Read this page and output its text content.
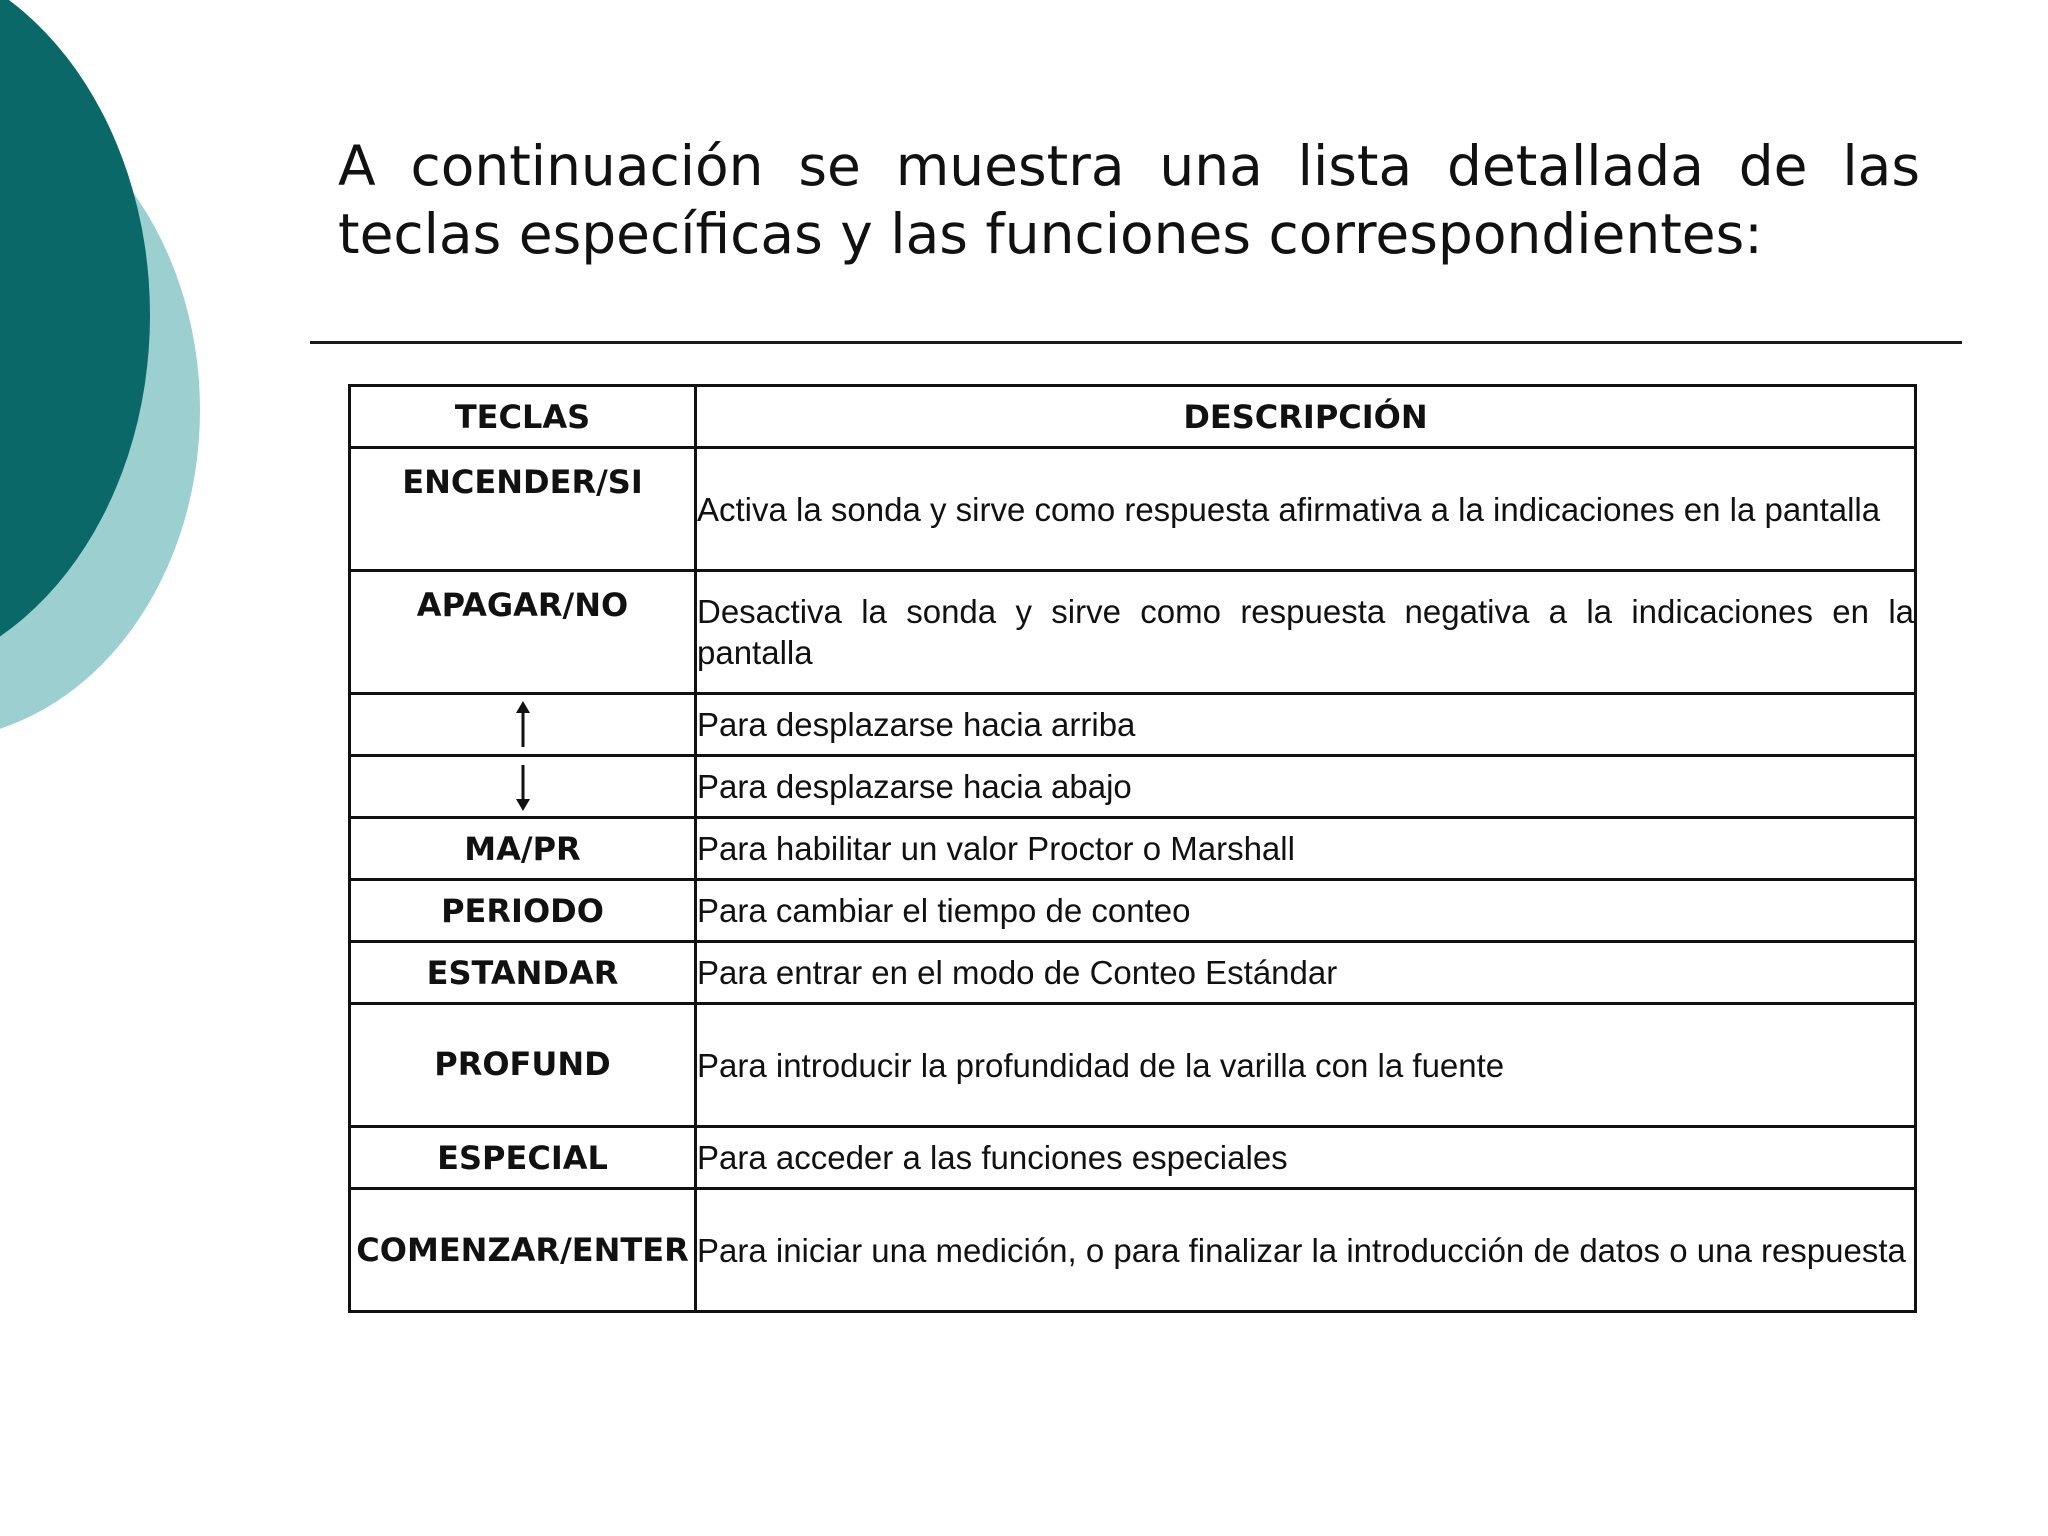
A continuación se muestra una lista detallada de las teclas específicas y las funciones correspondientes:
TECLAS	DESCRIPCIÓN
ENCENDER/SI	Activa la sonda y sirve como respuesta afirmativa a la indicaciones en la pantalla
APAGAR/NO	Desactiva la sonda y sirve como respuesta negativa a la indicaciones en la pantalla
	Para desplazarse hacia arriba
	Para desplazarse hacia abajo
MA/PR	Para habilitar un valor Proctor o Marshall
PERIODO	Para cambiar el tiempo de conteo
ESTANDAR	Para entrar en el modo de Conteo Estándar
PROFUND	Para introducir la profundidad de la varilla con la fuente
ESPECIAL	Para acceder a las funciones especiales
COMENZAR/ENTER	Para iniciar una medición, o para finalizar la introducción de datos o una respuesta
